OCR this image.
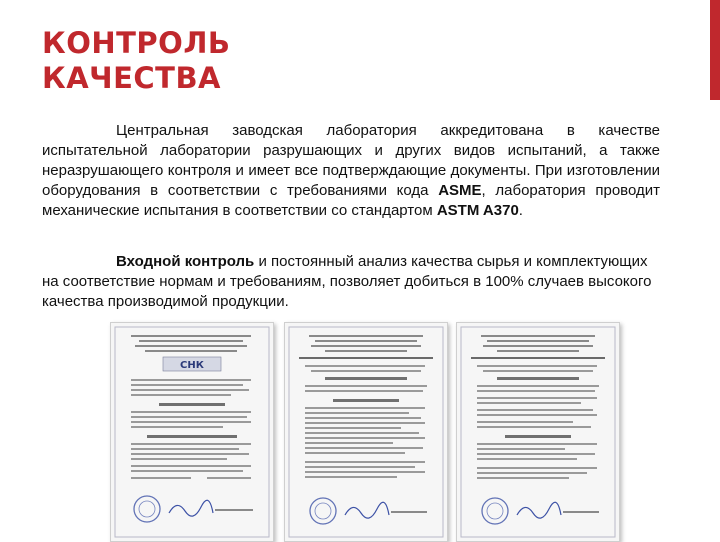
КОНТРОЛЬ
КАЧЕСТВА

Центральная заводская лаборатория аккредитована в качестве испытательной лаборатории разрушающих и других видов испытаний, а также неразрушающего контроля и имеет все подтверждающие документы. При изготовлении оборудования в соответствии с требованиями кода ASME, лаборатория проводит механические испытания в соответствии со стандартом ASTM A370.

Входной контроль и постоянный анализ качества сырья и комплектующих на соответствие нормам и требованиям, позволяет добиться в 100% случаев высокого качества производимой продукции.

СНК
